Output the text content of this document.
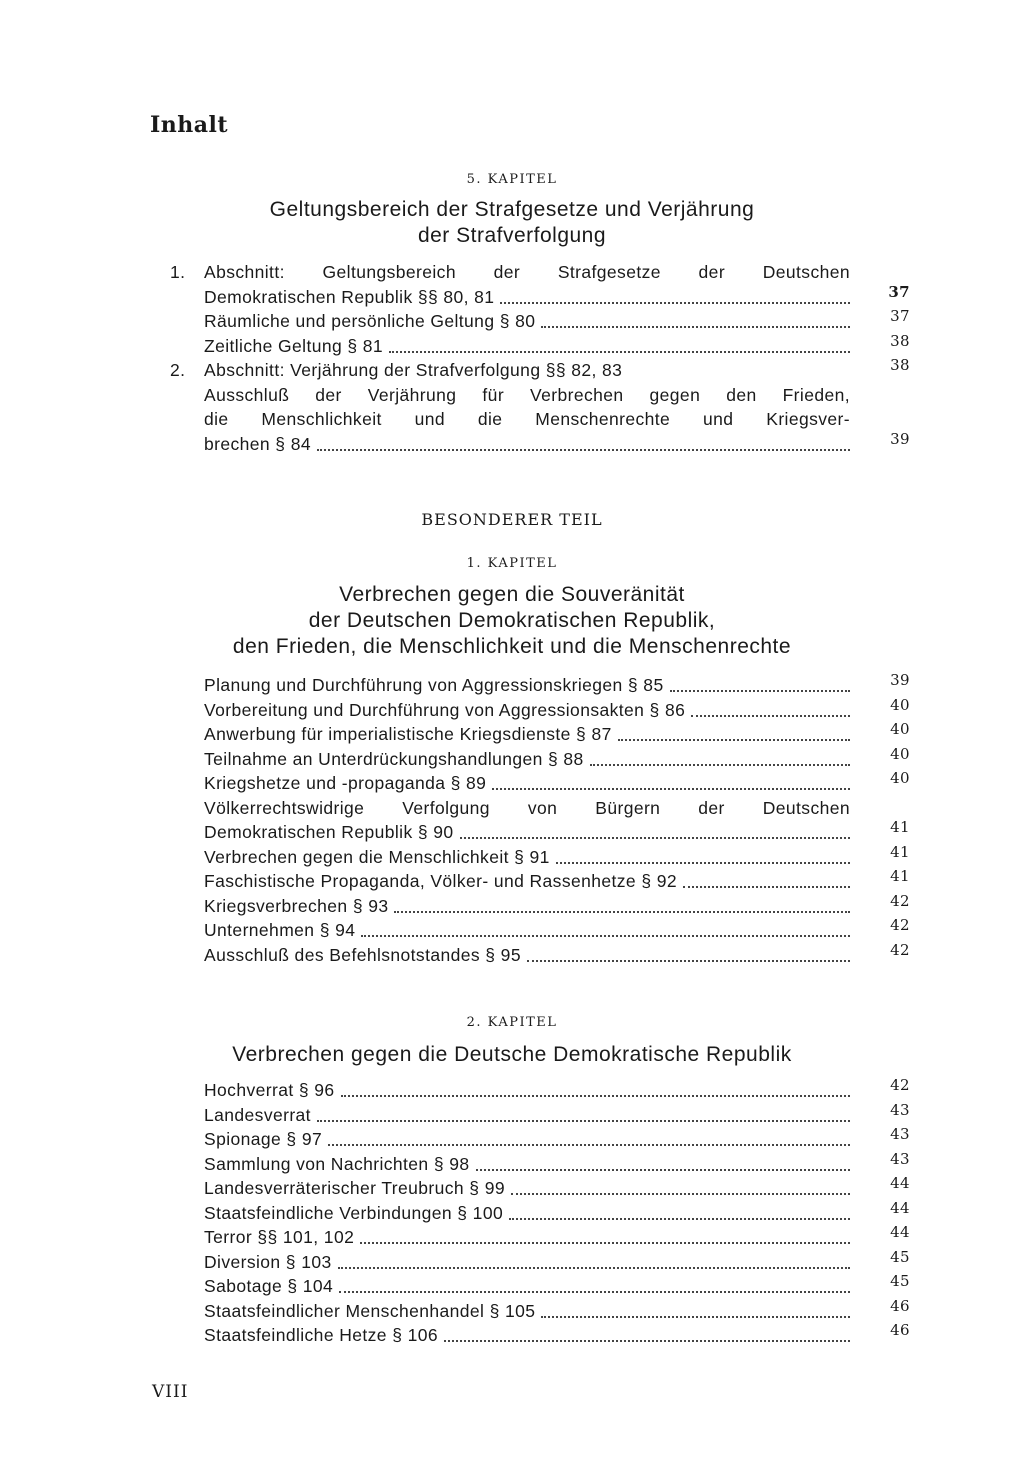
Inhalt
5. KAPITEL
Geltungsbereich der Strafgesetze und Verjährung
der Strafverfolgung
1.	Abschnitt: Geltungsbereich der Strafgesetze der Deutschen
Demokratischen Republik §§ 80, 81	37
Räumliche und persönliche Geltung § 80	37
Zeitliche Geltung § 81	38
2.	Abschnitt: Verjährung der Strafverfolgung §§ 82, 83	38
Ausschluß der Verjährung für Verbrechen gegen den Frieden,
die Menschlichkeit und die Menschenrechte und Kriegsver-
brechen § 84	39
BESONDERER TEIL
1. KAPITEL
Verbrechen gegen die Souveränität
der Deutschen Demokratischen Republik,
den Frieden, die Menschlichkeit und die Menschenrechte
Planung und Durchführung von Aggressionskriegen § 85	39
Vorbereitung und Durchführung von Aggressionsakten § 86	40
Anwerbung für imperialistische Kriegsdienste § 87	40
Teilnahme an Unterdrückungshandlungen § 88	40
Kriegshetze und -propaganda § 89	40
Völkerrechtswidrige Verfolgung von Bürgern der Deutschen
Demokratischen Republik § 90	41
Verbrechen gegen die Menschlichkeit § 91	41
Faschistische Propaganda, Völker- und Rassenhetze § 92	41
Kriegsverbrechen § 93	42
Unternehmen § 94	42
Ausschluß des Befehlsnotstandes § 95	42
2. KAPITEL
Verbrechen gegen die Deutsche Demokratische Republik
Hochverrat § 96	42
Landesverrat	43
Spionage § 97	43
Sammlung von Nachrichten § 98	43
Landesverräterischer Treubruch § 99	44
Staatsfeindliche Verbindungen § 100	44
Terror §§ 101, 102	44
Diversion § 103	45
Sabotage § 104	45
Staatsfeindlicher Menschenhandel § 105	46
Staatsfeindliche Hetze § 106	46
VIII
